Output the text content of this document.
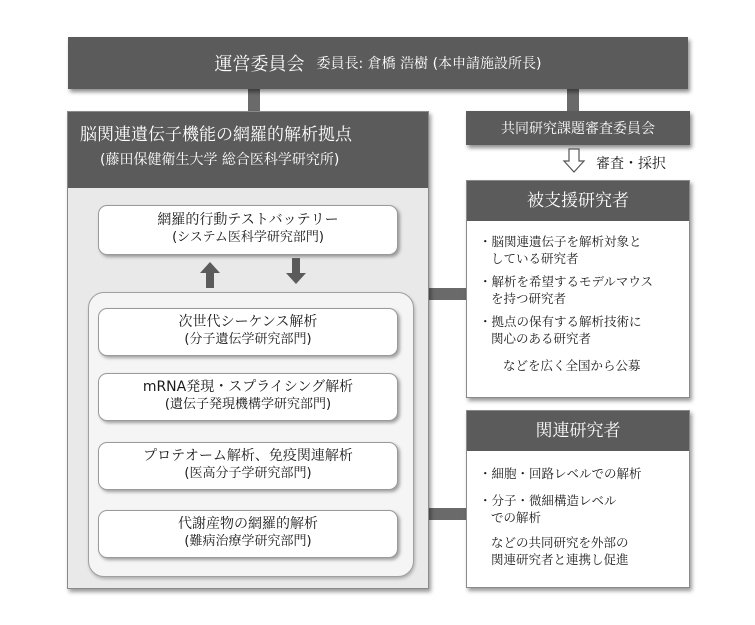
運営委員会 委員長: 倉橋 浩樹 (本申請施設所長)
共同研究課題審査委員会
審査・採択
脳関連遺伝子機能の網羅的解析拠点
(藤田保健衛生大学 総合医科学研究所)
網羅的行動テストバッテリー
(システム医科学研究部門)
次世代シーケンス解析
(分子遺伝学研究部門)
mRNA発現・スプライシング解析
(遺伝子発現機構学研究部門)
プロテオーム解析、免疫関連解析
(医高分子学研究部門)
代謝産物の網羅的解析
(難病治療学研究部門)
被支援研究者
・脳関連遺伝子を解析対象と
している研究者
・解析を希望するモデルマウス
を持つ研究者
・拠点の保有する解析技術に
関心のある研究者
などを広く全国から公募
関連研究者
・細胞・回路レベルでの解析
・分子・微細構造レベル
での解析
などの共同研究を外部の
関連研究者と連携し促進
